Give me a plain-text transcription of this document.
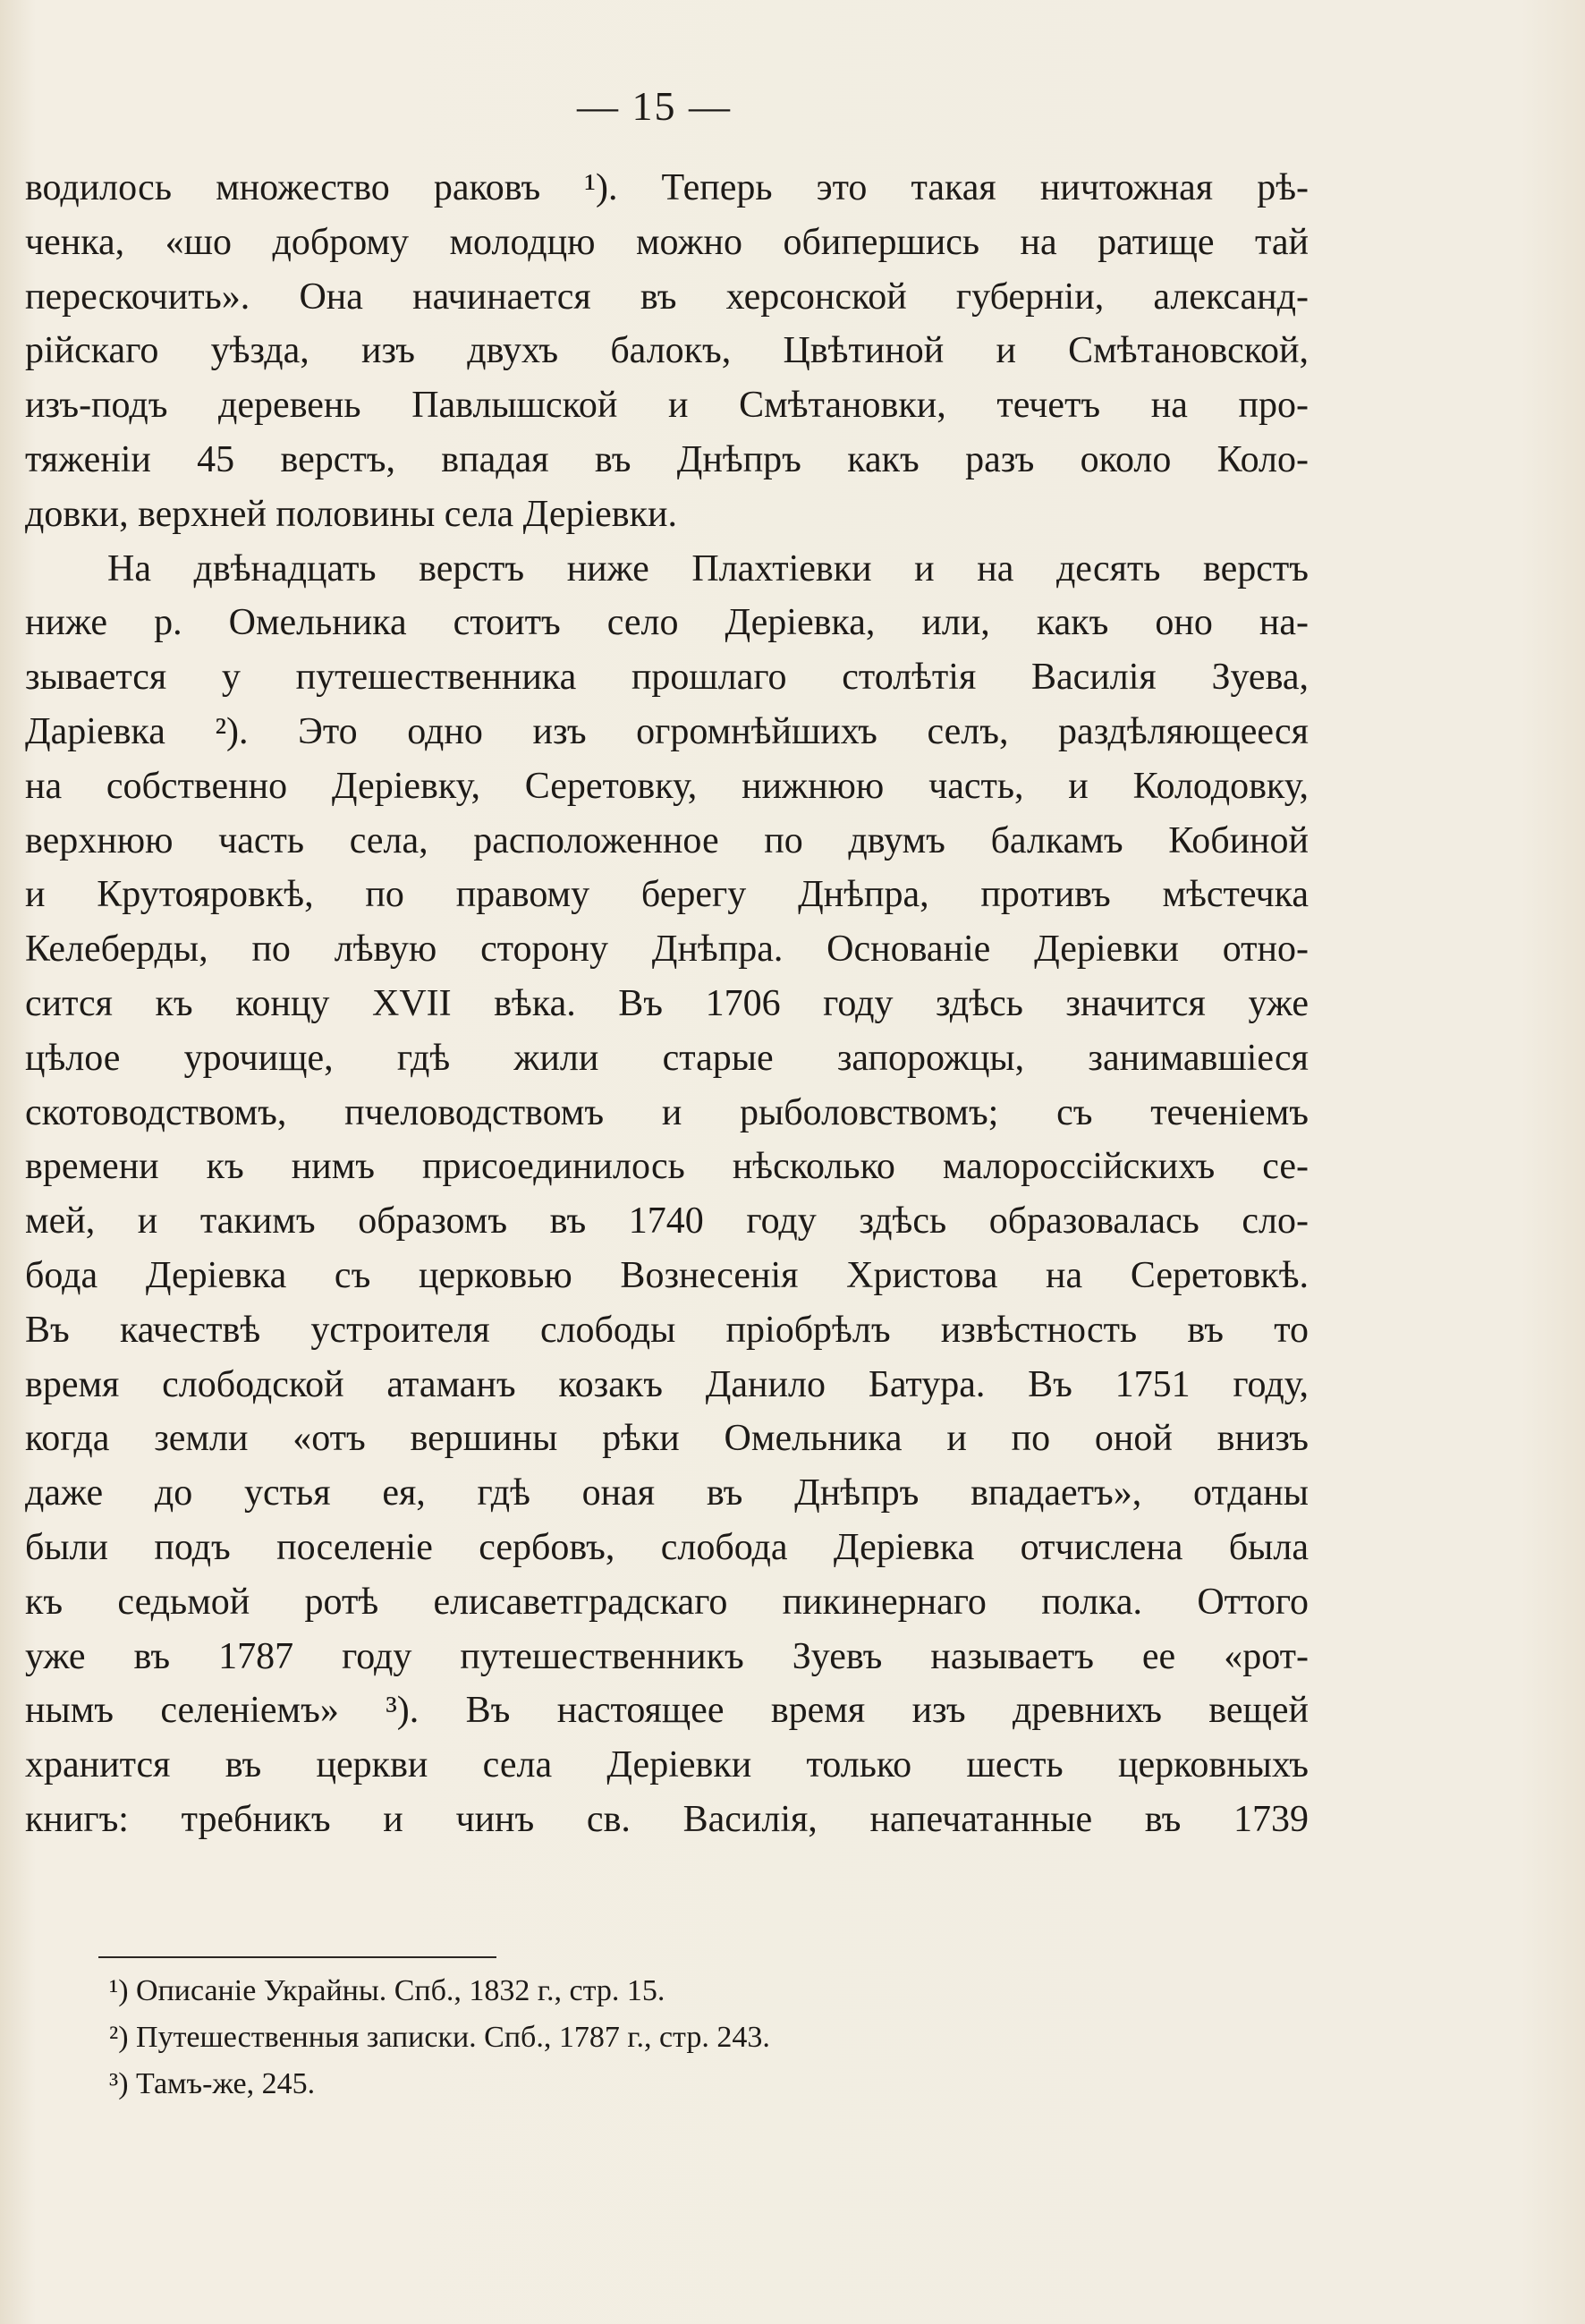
— 15 —
водилось множество раковъ ¹). Теперь это такая ничтожная рѣ-
ченка, «шо доброму молодцю можно обипершись на ратище тай
перескочить». Она начинается въ херсонской губерніи, александ-
рійскаго уѣзда, изъ двухъ балокъ, Цвѣтиной и Смѣтановской,
изъ-подъ деревень Павлышской и Смѣтановки, течетъ на про-
тяженіи 45 верстъ, впадая въ Днѣпръ какъ разъ около Коло-
довки, верхней половины села Деріевки.
На двѣнадцать верстъ ниже Плахтіевки и на десять верстъ
ниже р. Омельника стоитъ село Деріевка, или, какъ оно на-
зывается у путешественника прошлаго столѣтія Василія Зуева,
Даріевка ²). Это одно изъ огромнѣйшихъ селъ, раздѣляющееся
на собственно Деріевку, Серетовку, нижнюю часть, и Колодовку,
верхнюю часть села, расположенное по двумъ балкамъ Кобиной
и Крутояровкѣ, по правому берегу Днѣпра, противъ мѣстечка
Келеберды, по лѣвую сторону Днѣпра. Основаніе Деріевки отно-
сится къ концу XVII вѣка. Въ 1706 году здѣсь значится уже
цѣлое урочище, гдѣ жили старые запорожцы, занимавшіеся
скотоводствомъ, пчеловодствомъ и рыболовствомъ; съ теченіемъ
времени къ нимъ присоединилось нѣсколько малороссійскихъ се-
мей, и такимъ образомъ въ 1740 году здѣсь образовалась сло-
бода Деріевка съ церковью Вознесенія Христова на Серетовкѣ.
Въ качествѣ устроителя слободы пріобрѣлъ извѣстность въ то
время слободской атаманъ козакъ Данило Батура. Въ 1751 году,
когда земли «отъ вершины рѣки Омельника и по оной внизъ
даже до устья ея, гдѣ оная въ Днѣпръ впадаетъ», отданы
были подъ поселеніе сербовъ, слобода Деріевка отчислена была
къ седьмой ротѣ елисаветградскаго пикинернаго полка. Оттого
уже въ 1787 году путешественникъ Зуевъ называетъ ее «рот-
нымъ селеніемъ» ³). Въ настоящее время изъ древнихъ вещей
хранится въ церкви села Деріевки только шесть церковныхъ
книгъ: требникъ и чинъ св. Василія, напечатанные въ 1739
¹) Описаніе Украйны. Спб., 1832 г., стр. 15.
²) Путешественныя записки. Спб., 1787 г., стр. 243.
³) Тамъ-же, 245.
